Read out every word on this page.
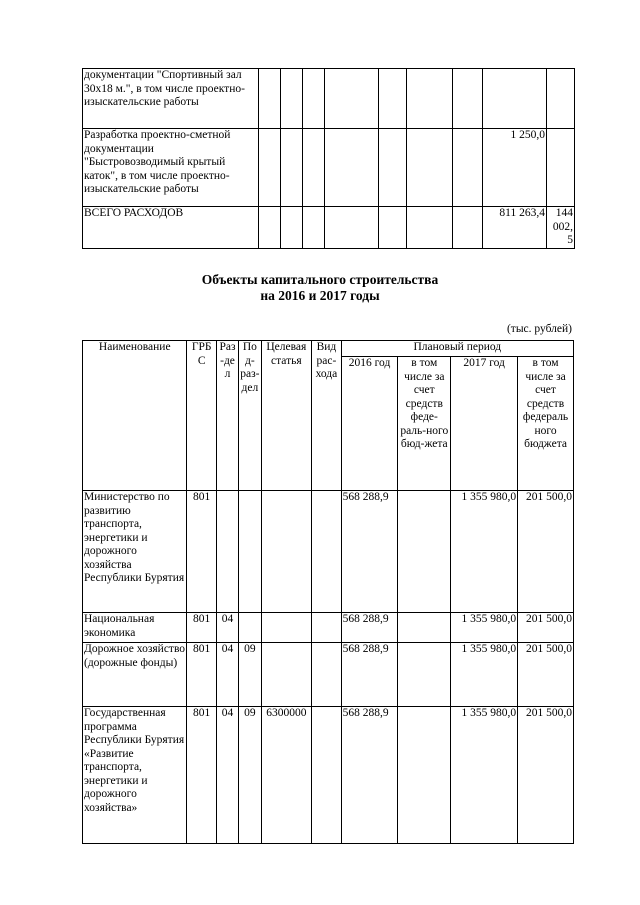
документации "Спортивный зал 30х18 м.", в том числе проектно-изыскательские работы									
Разработка проектно-сметной документации "Быстровозводимый крытый каток", в том числе проектно-изыскательские работы								1 250,0	
ВСЕГО РАСХОДОВ								811 263,4	144 002,5
Объекты капитального строительства
на 2016 и 2017 годы
(тыс. рублей)
Наименование	ГРБС	Раз-дел	Под-раз-дел	Целевая статья	Вид рас-хода	Плановый период			
						2016 год	в том числе за счет средств феде-раль-ного бюд-жета	2017 год	в том числе за счет средств федераль ного бюджета
Министерство по развитию транспорта, энергетики и дорожного хозяйства Республики Бурятия	801					568 288,9		1 355 980,0	201 500,0
Национальная экономика	801	04				568 288,9		1 355 980,0	201 500,0
Дорожное хозяйство (дорожные фонды)	801	04	09			568 288,9		1 355 980,0	201 500,0
Государственная программа Республики Бурятия «Развитие транспорта, энергетики и дорожного хозяйства»	801	04	09	6300000		568 288,9		1 355 980,0	201 500,0
